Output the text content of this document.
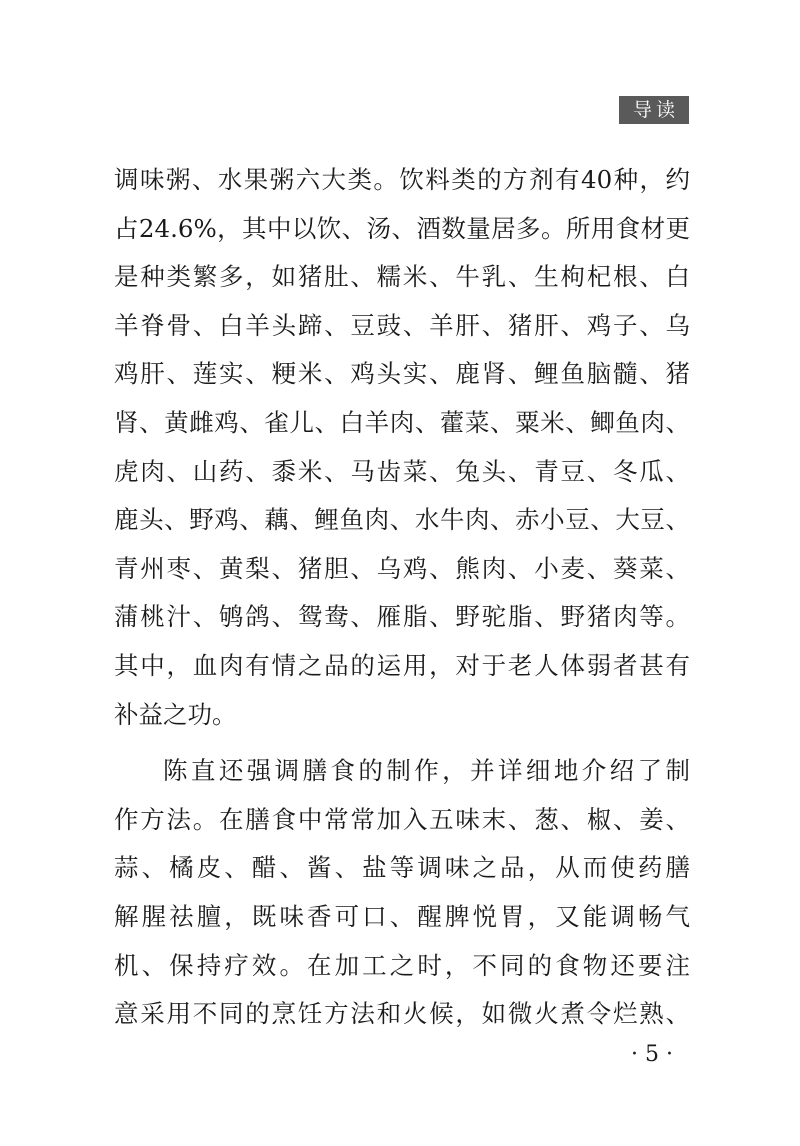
导读
调味粥、水果粥六大类。饮料类的方剂有40种，约
占24.6%，其中以饮、汤、酒数量居多。所用食材更
是种类繁多，如猪肚、糯米、牛乳、生枸杞根、白
羊脊骨、白羊头蹄、豆豉、羊肝、猪肝、鸡子、乌
鸡肝、莲实、粳米、鸡头实、鹿肾、鲤鱼脑髓、猪
肾、黄雌鸡、雀儿、白羊肉、藿菜、粟米、鲫鱼肉、
虎肉、山药、黍米、马齿菜、兔头、青豆、冬瓜、
鹿头、野鸡、藕、鲤鱼肉、水牛肉、赤小豆、大豆、
青州枣、黄梨、猪胆、乌鸡、熊肉、小麦、葵菜、
蒲桃汁、鸲鸽、鸳鸯、雁脂、野驼脂、野猪肉等。
其中，血肉有情之品的运用，对于老人体弱者甚有
补益之功。
陈直还强调膳食的制作，并详细地介绍了制
作方法。在膳食中常常加入五味末、葱、椒、姜、
蒜、橘皮、醋、酱、盐等调味之品，从而使药膳
解腥祛膻，既味香可口、醒脾悦胃，又能调畅气
机、保持疗效。在加工之时，不同的食物还要注
意采用不同的烹饪方法和火候，如微火煮令烂熟、
· 5 ·
